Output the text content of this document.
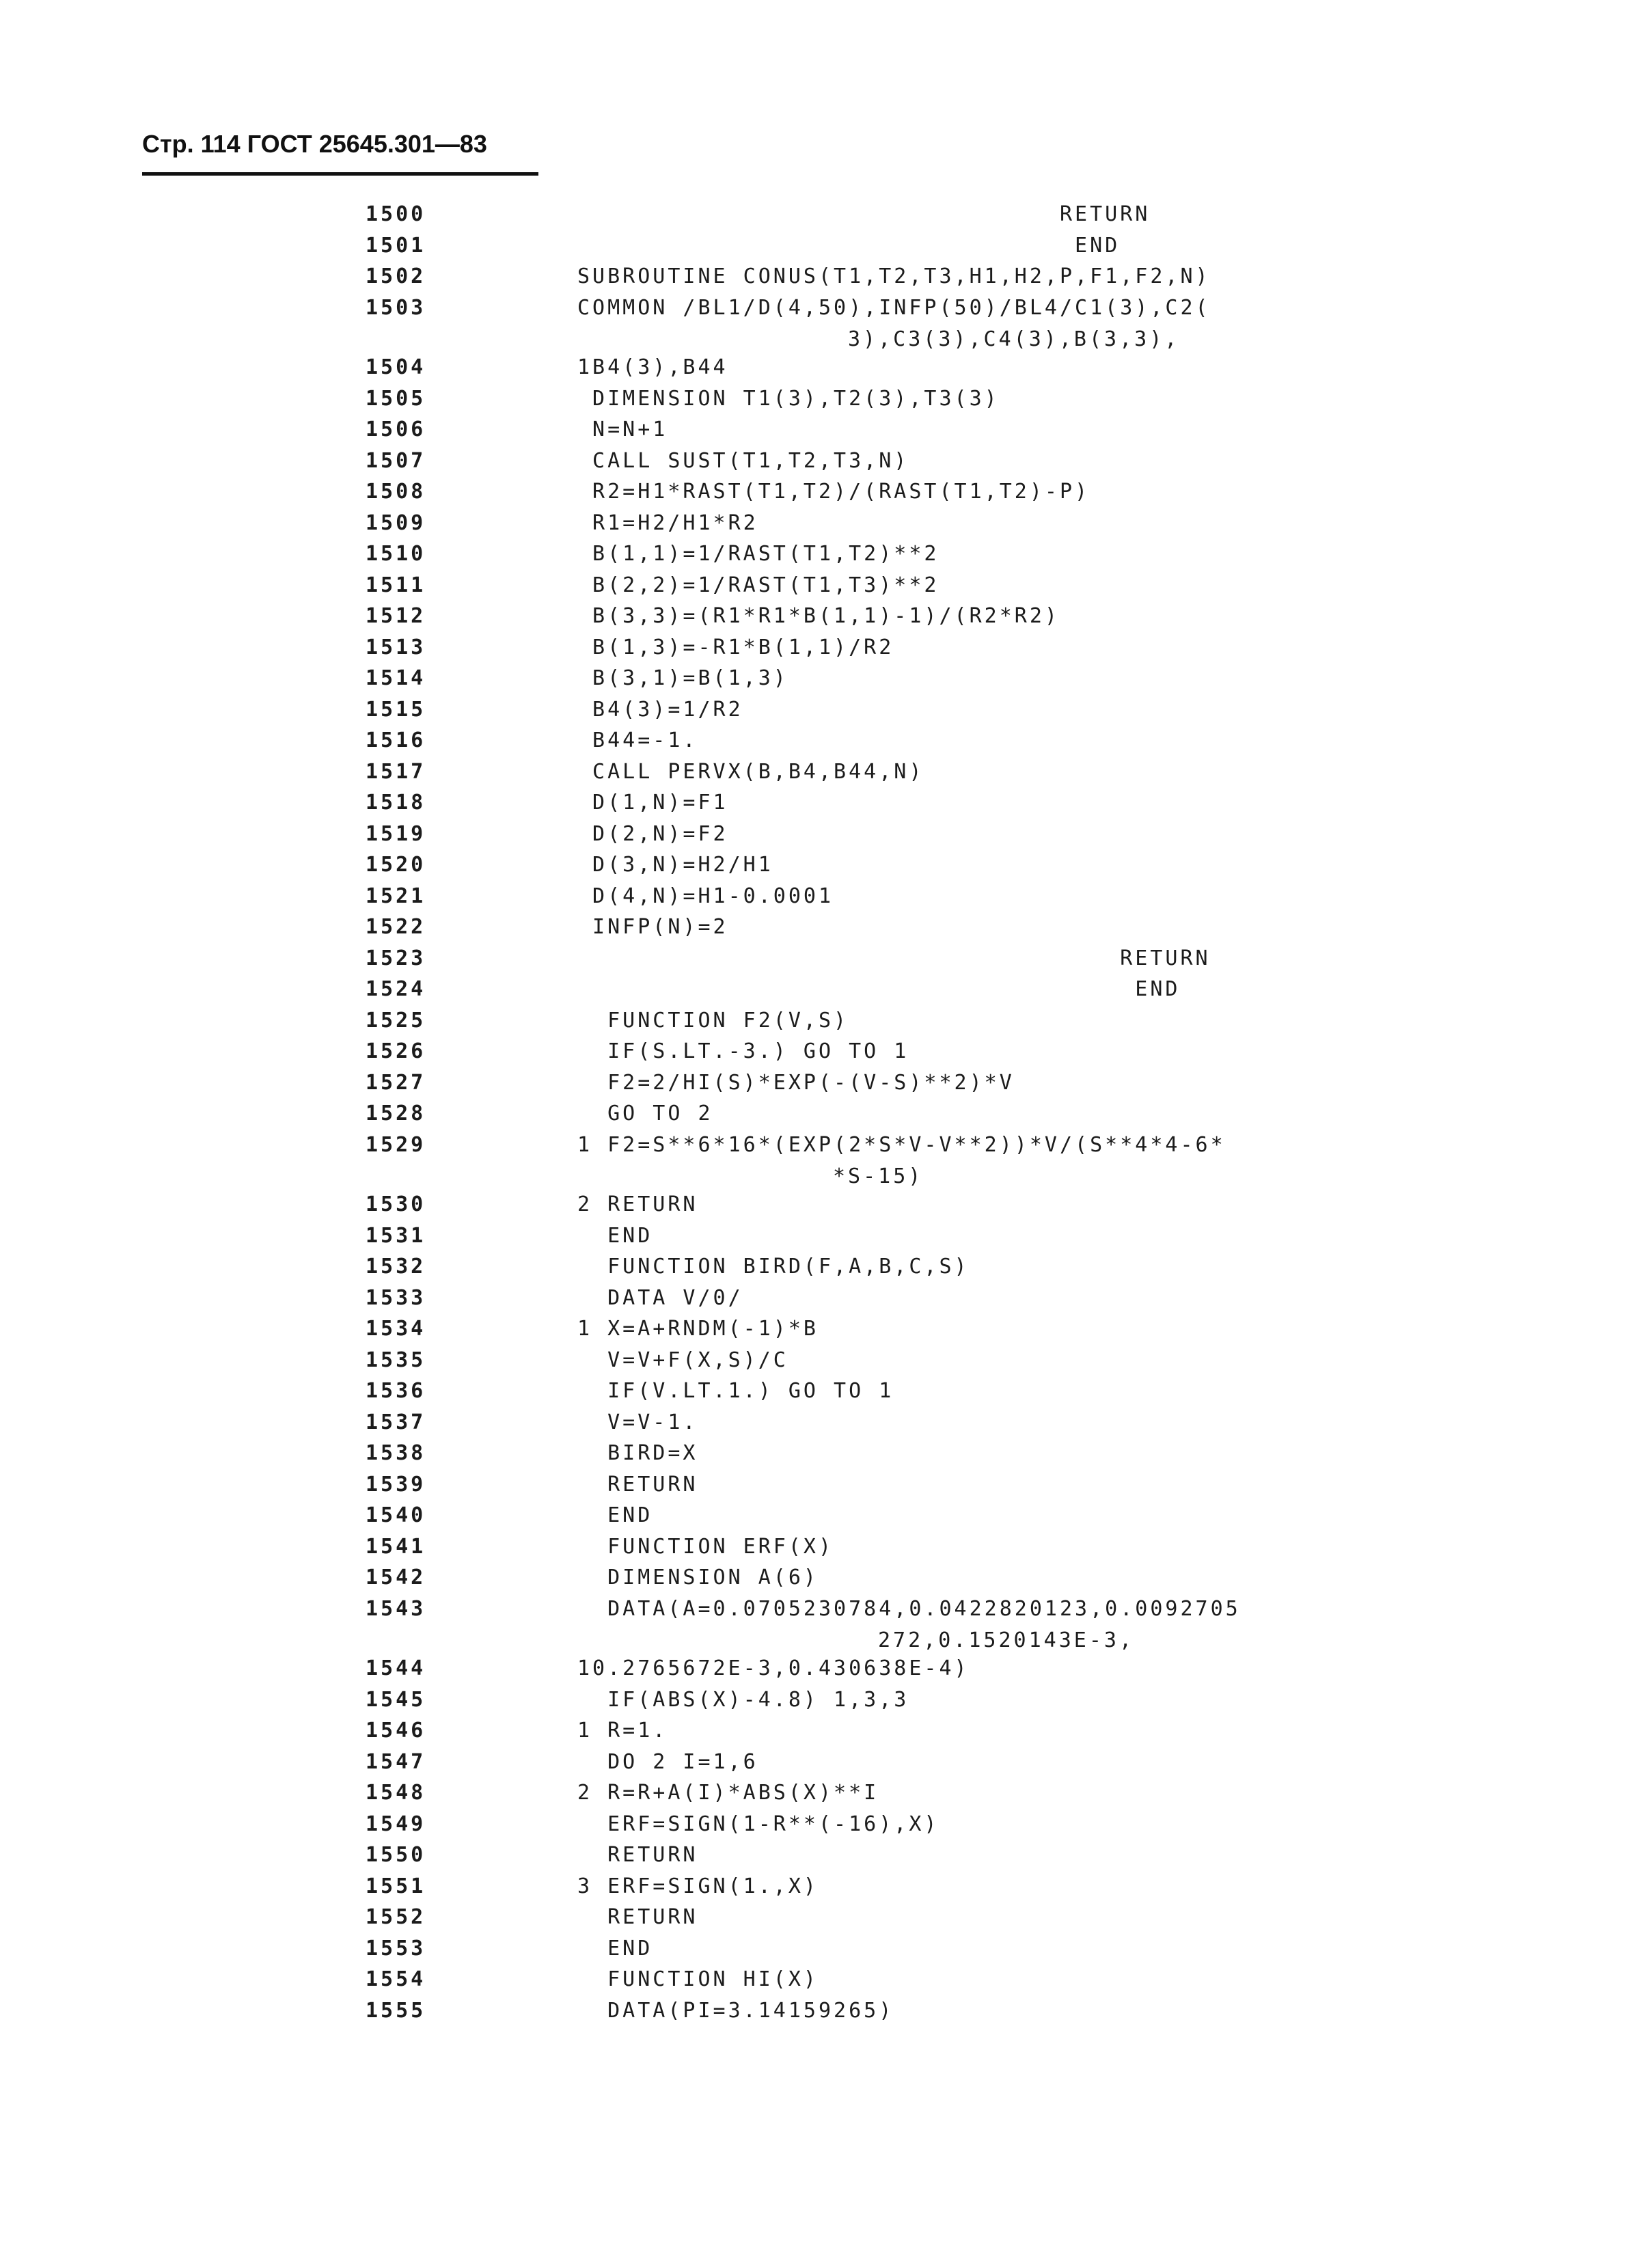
Стр. 114 ГОСТ 25645.301—83
1500	RETURN
1501	END
1502	SUBROUTINE CONUS(T1,T2,T3,H1,H2,P,F1,F2,N)
1503	COMMON /BL1/D(4,50),INFP(50)/BL4/C1(3),C2(
3),C3(3),C4(3),B(3,3),
1504	1B4(3),B44
1505	DIMENSION T1(3),T2(3),T3(3)
1506	N=N+1
1507	CALL SUST(T1,T2,T3,N)
1508	R2=H1*RAST(T1,T2)/(RAST(T1,T2)-P)
1509	R1=H2/H1*R2
1510	B(1,1)=1/RAST(T1,T2)**2
1511	B(2,2)=1/RAST(T1,T3)**2
1512	B(3,3)=(R1*R1*B(1,1)-1)/(R2*R2)
1513	B(1,3)=-R1*B(1,1)/R2
1514	B(3,1)=B(1,3)
1515	B4(3)=1/R2
1516	B44=-1.
1517	CALL PERVX(B,B4,B44,N)
1518	D(1,N)=F1
1519	D(2,N)=F2
1520	D(3,N)=H2/H1
1521	D(4,N)=H1-0.0001
1522	INFP(N)=2
1523	RETURN
1524	END
1525	FUNCTION F2(V,S)
1526	IF(S.LT.-3.) GO TO 1
1527	F2=2/HI(S)*EXP(-(V-S)**2)*V
1528	GO TO 2
1529	1 F2=S**6*16*(EXP(2*S*V-V**2))*V/(S**4*4-6*
*S-15)
1530	2 RETURN
1531	END
1532	FUNCTION BIRD(F,A,B,C,S)
1533	DATA V/0/
1534	1 X=A+RNDM(-1)*B
1535	V=V+F(X,S)/C
1536	IF(V.LT.1.) GO TO 1
1537	V=V-1.
1538	BIRD=X
1539	RETURN
1540	END
1541	FUNCTION ERF(X)
1542	DIMENSION A(6)
1543	DATA(A=0.0705230784,0.0422820123,0.0092705
272,0.1520143E-3,
1544	10.2765672E-3,0.430638E-4)
1545	IF(ABS(X)-4.8) 1,3,3
1546	1 R=1.
1547	DO 2 I=1,6
1548	2 R=R+A(I)*ABS(X)**I
1549	ERF=SIGN(1-R**(-16),X)
1550	RETURN
1551	3 ERF=SIGN(1.,X)
1552	RETURN
1553	END
1554	FUNCTION HI(X)
1555	DATA(PI=3.14159265)
